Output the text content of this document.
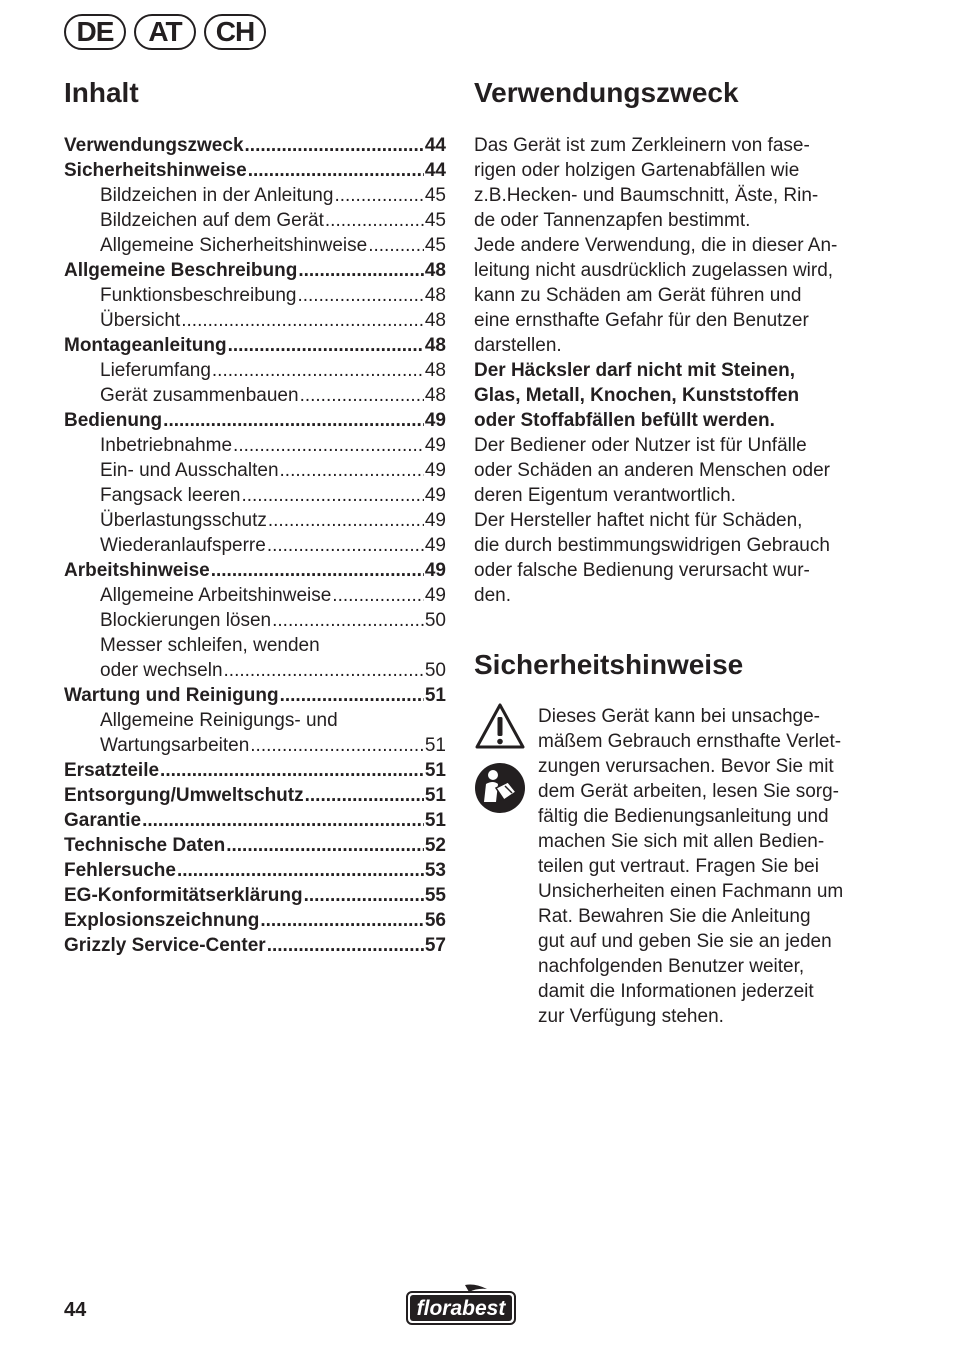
DE	AT	CH
Inhalt
Verwendungszweck .....	44
Sicherheitshinweise .....	44
Bildzeichen in der Anleitung .....	45
Bildzeichen auf dem Gerät .....	45
Allgemeine Sicherheitshinweise .....	45
Allgemeine Beschreibung .....	48
Funktionsbeschreibung .....	48
Übersicht .....	48
Montageanleitung .....	48
Lieferumfang .....	48
Gerät zusammenbauen .....	48
Bedienung .....	49
Inbetriebnahme .....	49
Ein- und Ausschalten .....	49
Fangsack leeren .....	49
Überlastungsschutz .....	49
Wiederanlaufsperre .....	49
Arbeitshinweise .....	49
Allgemeine Arbeitshinweise .....	49
Blockierungen lösen .....	50
Messer schleifen, wenden
oder wechseln .....	50
Wartung und Reinigung .....	51
Allgemeine Reinigungs- und
Wartungsarbeiten .....	51
Ersatzteile .....	51
Entsorgung/Umweltschutz .....	51
Garantie .....	51
Technische Daten .....	52
Fehlersuche .....	53
EG-Konformitätserklärung .....	55
Explosionszeichnung .....	56
Grizzly Service-Center .....	57
Verwendungszweck
Das Gerät ist zum Zerkleinern von fase-
rigen oder holzigen Gartenabfällen wie
z.B.Hecken- und Baumschnitt, Äste, Rin-
de oder Tannenzapfen bestimmt.
Jede andere Verwendung, die in dieser An-
leitung nicht ausdrücklich zugelassen wird,
kann zu Schäden am Gerät führen und
eine ernsthafte Gefahr für den Benutzer
darstellen.
Der Häcksler darf nicht mit Steinen,
Glas, Metall, Knochen, Kunststoffen
oder Stoffabfällen befüllt werden.
Der Bediener oder Nutzer ist für Unfälle
oder Schäden an anderen Menschen oder
deren Eigentum verantwortlich.
Der Hersteller haftet nicht für Schäden,
die durch bestimmungswidrigen Gebrauch
oder falsche Bedienung verursacht wur-
den.
Sicherheitshinweise
Dieses Gerät kann bei unsachge-
mäßem Gebrauch ernsthafte Verlet-
zungen verursachen. Bevor Sie mit
dem Gerät arbeiten, lesen Sie sorg-
fältig die Bedienungsanleitung und
machen Sie sich mit allen Bedien-
teilen gut vertraut. Fragen Sie bei
Unsicherheiten einen Fachmann um
Rat. Bewahren Sie die Anleitung
gut auf und geben Sie sie an jeden
nachfolgenden Benutzer weiter,
damit die Informationen jederzeit
zur Verfügung stehen.
44	florabest
